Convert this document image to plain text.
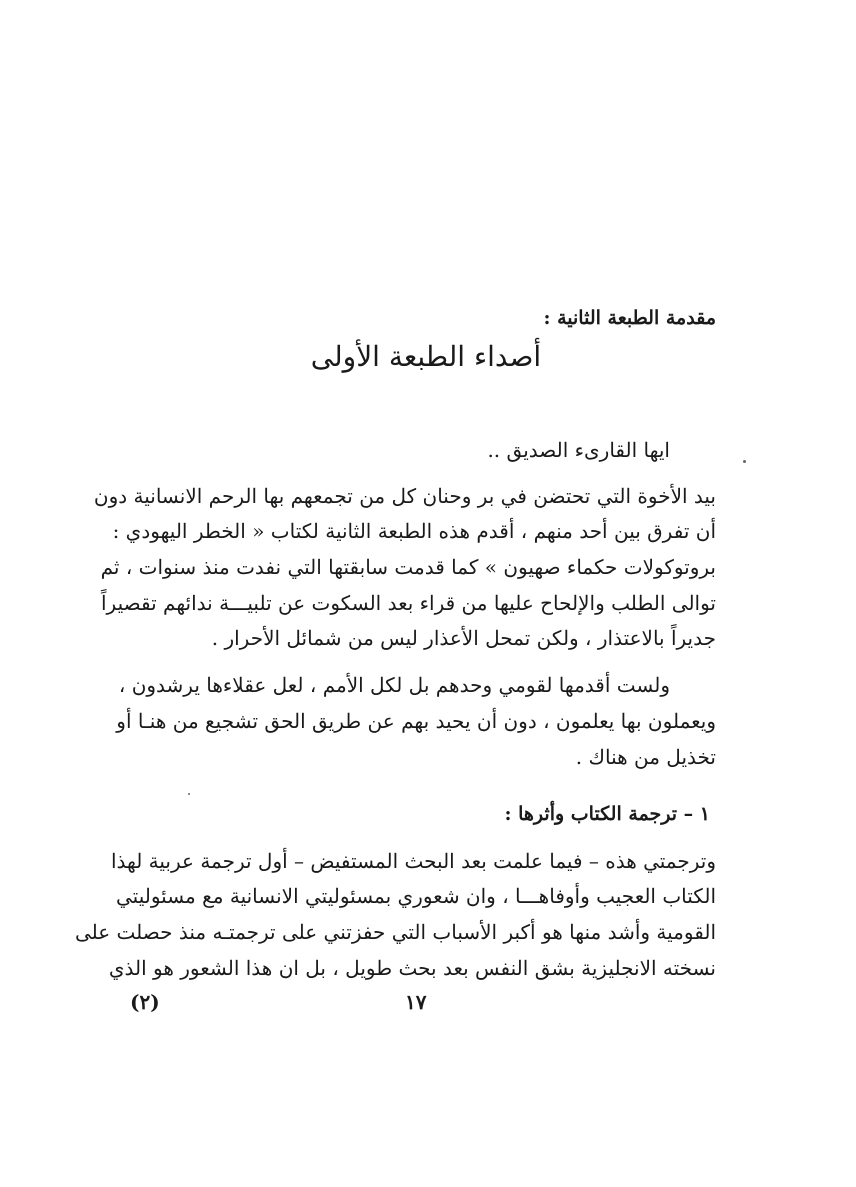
مقدمة الطبعة الثانية :
أصداء الطبعة الأولى
ايها القارىء الصديق ..
بيد الأخوة التي تحتضن في بر وحنان كل من تجمعهم بها الرحم الانسانية دون
أن تفرق بين أحد منهم ، أقدم هذه الطبعة الثانية لكتاب « الخطر اليهودي :
بروتوكولات حكماء صهيون » كما قدمت سابقتها التي نفدت منذ سنوات ، ثم
توالى الطلب والإلحاح عليها من قراء بعد السكوت عن تلبيـــة ندائهم تقصيراً
جديراً بالاعتذار ، ولكن تمحل الأعذار ليس من شمائل الأحرار .
ولست أقدمها لقومي وحدهم بل لكل الأمم ، لعل عقلاءها يرشدون ،
ويعملون بها يعلمون ، دون أن يحيد بهم عن طريق الحق تشجيع من هنـا أو
تخذيل من هناك .
١ – ترجمة الكتاب وأثرها :
وترجمتي هذه – فيما علمت بعد البحث المستفيض – أول ترجمة عربية لهذا
الكتاب العجيب وأوفاهـــا ، وان شعوري بمسئوليتي الانسانية مع مسئوليتي
القومية وأشد منها هو أكبر الأسباب التي حفزتني على ترجمتـه منذ حصلت على
نسخته الانجليزية بشق النفس بعد بحث طويل ، بل ان هذا الشعور هو الذي
١٧
(٢)
